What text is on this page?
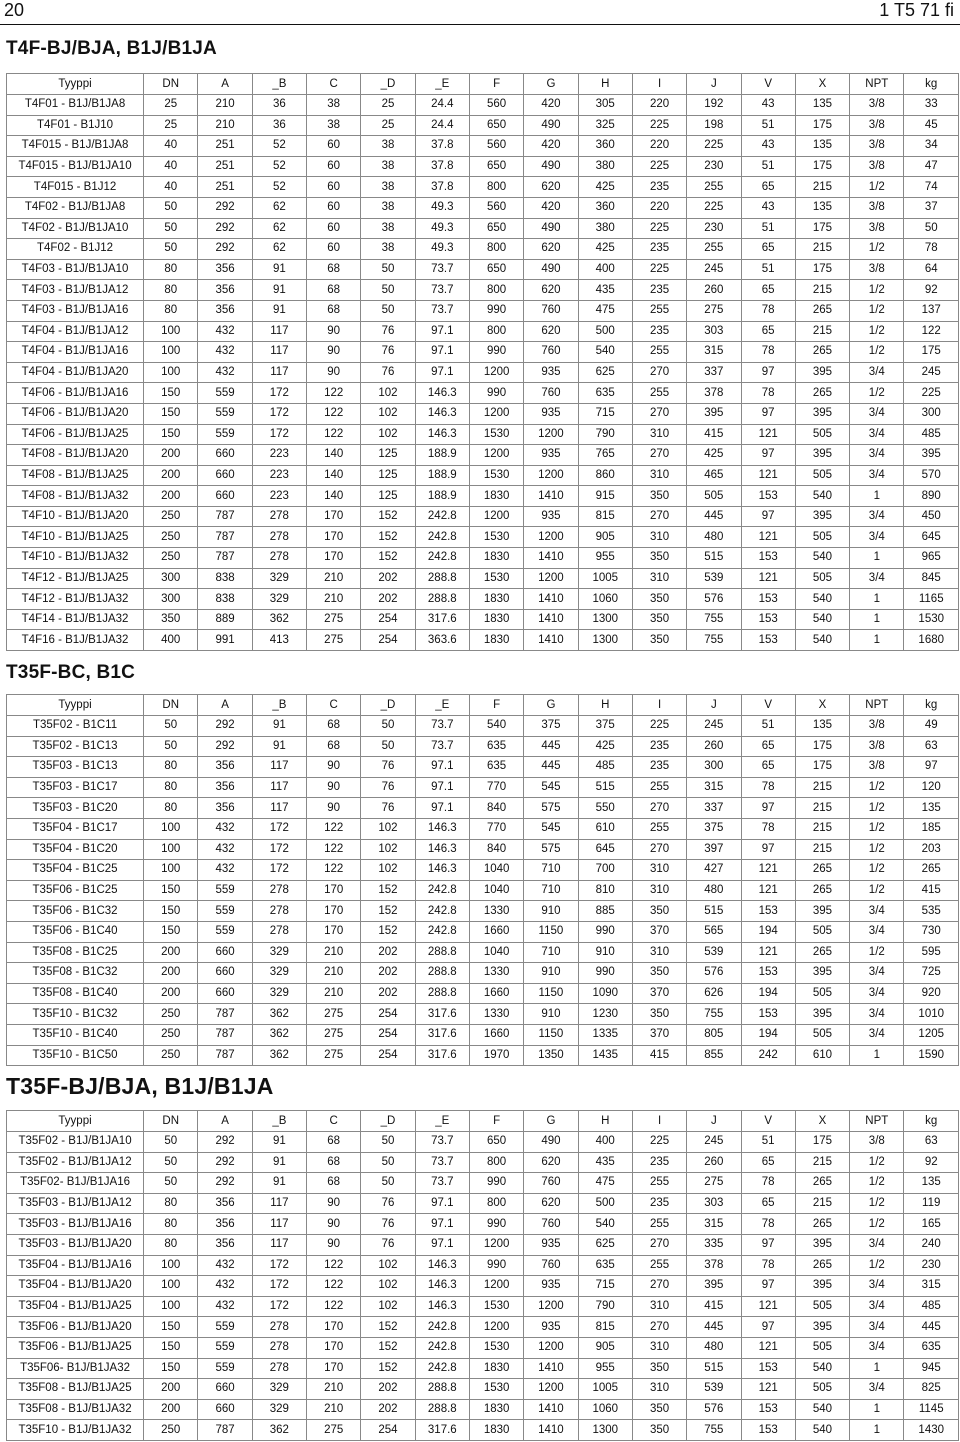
20	1 T5 71 fi
T4F-BJ/BJA, B1J/B1JA
Tyyppi	DN	A	_B	C	_D	_E	F	G	H	I	J	V	X	NPT	kg
T4F01 - B1J/B1JA8	25	210	36	38	25	24.4	560	420	305	220	192	43	135	3/8	33
T4F01 - B1J10	25	210	36	38	25	24.4	650	490	325	225	198	51	175	3/8	45
T4F015 - B1J/B1JA8	40	251	52	60	38	37.8	560	420	360	220	225	43	135	3/8	34
T4F015 - B1J/B1JA10	40	251	52	60	38	37.8	650	490	380	225	230	51	175	3/8	47
T4F015 - B1J12	40	251	52	60	38	37.8	800	620	425	235	255	65	215	1/2	74
T4F02 - B1J/B1JA8	50	292	62	60	38	49.3	560	420	360	220	225	43	135	3/8	37
T4F02 - B1J/B1JA10	50	292	62	60	38	49.3	650	490	380	225	230	51	175	3/8	50
T4F02 - B1J12	50	292	62	60	38	49.3	800	620	425	235	255	65	215	1/2	78
T4F03 - B1J/B1JA10	80	356	91	68	50	73.7	650	490	400	225	245	51	175	3/8	64
T4F03 - B1J/B1JA12	80	356	91	68	50	73.7	800	620	435	235	260	65	215	1/2	92
T4F03 - B1J/B1JA16	80	356	91	68	50	73.7	990	760	475	255	275	78	265	1/2	137
T4F04 - B1J/B1JA12	100	432	117	90	76	97.1	800	620	500	235	303	65	215	1/2	122
T4F04 - B1J/B1JA16	100	432	117	90	76	97.1	990	760	540	255	315	78	265	1/2	175
T4F04 - B1J/B1JA20	100	432	117	90	76	97.1	1200	935	625	270	337	97	395	3/4	245
T4F06 - B1J/B1JA16	150	559	172	122	102	146.3	990	760	635	255	378	78	265	1/2	225
T4F06 - B1J/B1JA20	150	559	172	122	102	146.3	1200	935	715	270	395	97	395	3/4	300
T4F06 - B1J/B1JA25	150	559	172	122	102	146.3	1530	1200	790	310	415	121	505	3/4	485
T4F08 - B1J/B1JA20	200	660	223	140	125	188.9	1200	935	765	270	425	97	395	3/4	395
T4F08 - B1J/B1JA25	200	660	223	140	125	188.9	1530	1200	860	310	465	121	505	3/4	570
T4F08 - B1J/B1JA32	200	660	223	140	125	188.9	1830	1410	915	350	505	153	540	1	890
T4F10 - B1J/B1JA20	250	787	278	170	152	242.8	1200	935	815	270	445	97	395	3/4	450
T4F10 - B1J/B1JA25	250	787	278	170	152	242.8	1530	1200	905	310	480	121	505	3/4	645
T4F10 - B1J/B1JA32	250	787	278	170	152	242.8	1830	1410	955	350	515	153	540	1	965
T4F12 - B1J/B1JA25	300	838	329	210	202	288.8	1530	1200	1005	310	539	121	505	3/4	845
T4F12 - B1J/B1JA32	300	838	329	210	202	288.8	1830	1410	1060	350	576	153	540	1	1165
T4F14 - B1J/B1JA32	350	889	362	275	254	317.6	1830	1410	1300	350	755	153	540	1	1530
T4F16 - B1J/B1JA32	400	991	413	275	254	363.6	1830	1410	1300	350	755	153	540	1	1680
T35F-BC, B1C
Tyyppi	DN	A	_B	C	_D	_E	F	G	H	I	J	V	X	NPT	kg
T35F02 - B1C11	50	292	91	68	50	73.7	540	375	375	225	245	51	135	3/8	49
T35F02 - B1C13	50	292	91	68	50	73.7	635	445	425	235	260	65	175	3/8	63
T35F03 - B1C13	80	356	117	90	76	97.1	635	445	485	235	300	65	175	3/8	97
T35F03 - B1C17	80	356	117	90	76	97.1	770	545	515	255	315	78	215	1/2	120
T35F03 - B1C20	80	356	117	90	76	97.1	840	575	550	270	337	97	215	1/2	135
T35F04 - B1C17	100	432	172	122	102	146.3	770	545	610	255	375	78	215	1/2	185
T35F04 - B1C20	100	432	172	122	102	146.3	840	575	645	270	397	97	215	1/2	203
T35F04 - B1C25	100	432	172	122	102	146.3	1040	710	700	310	427	121	265	1/2	265
T35F06 - B1C25	150	559	278	170	152	242.8	1040	710	810	310	480	121	265	1/2	415
T35F06 - B1C32	150	559	278	170	152	242.8	1330	910	885	350	515	153	395	3/4	535
T35F06 - B1C40	150	559	278	170	152	242.8	1660	1150	990	370	565	194	505	3/4	730
T35F08 - B1C25	200	660	329	210	202	288.8	1040	710	910	310	539	121	265	1/2	595
T35F08 - B1C32	200	660	329	210	202	288.8	1330	910	990	350	576	153	395	3/4	725
T35F08 - B1C40	200	660	329	210	202	288.8	1660	1150	1090	370	626	194	505	3/4	920
T35F10 - B1C32	250	787	362	275	254	317.6	1330	910	1230	350	755	153	395	3/4	1010
T35F10 - B1C40	250	787	362	275	254	317.6	1660	1150	1335	370	805	194	505	3/4	1205
T35F10 - B1C50	250	787	362	275	254	317.6	1970	1350	1435	415	855	242	610	1	1590
T35F-BJ/BJA, B1J/B1JA
Tyyppi	DN	A	_B	C	_D	_E	F	G	H	I	J	V	X	NPT	kg
T35F02 - B1J/B1JA10	50	292	91	68	50	73.7	650	490	400	225	245	51	175	3/8	63
T35F02 - B1J/B1JA12	50	292	91	68	50	73.7	800	620	435	235	260	65	215	1/2	92
T35F02- B1J/B1JA16	50	292	91	68	50	73.7	990	760	475	255	275	78	265	1/2	135
T35F03 - B1J/B1JA12	80	356	117	90	76	97.1	800	620	500	235	303	65	215	1/2	119
T35F03 - B1J/B1JA16	80	356	117	90	76	97.1	990	760	540	255	315	78	265	1/2	165
T35F03 - B1J/B1JA20	80	356	117	90	76	97.1	1200	935	625	270	335	97	395	3/4	240
T35F04 - B1J/B1JA16	100	432	172	122	102	146.3	990	760	635	255	378	78	265	1/2	230
T35F04 - B1J/B1JA20	100	432	172	122	102	146.3	1200	935	715	270	395	97	395	3/4	315
T35F04 - B1J/B1JA25	100	432	172	122	102	146.3	1530	1200	790	310	415	121	505	3/4	485
T35F06 - B1J/B1JA20	150	559	278	170	152	242.8	1200	935	815	270	445	97	395	3/4	445
T35F06 - B1J/B1JA25	150	559	278	170	152	242.8	1530	1200	905	310	480	121	505	3/4	635
T35F06- B1J/B1JA32	150	559	278	170	152	242.8	1830	1410	955	350	515	153	540	1	945
T35F08 - B1J/B1JA25	200	660	329	210	202	288.8	1530	1200	1005	310	539	121	505	3/4	825
T35F08 - B1J/B1JA32	200	660	329	210	202	288.8	1830	1410	1060	350	576	153	540	1	1145
T35F10 - B1J/B1JA32	250	787	362	275	254	317.6	1830	1410	1300	350	755	153	540	1	1430
